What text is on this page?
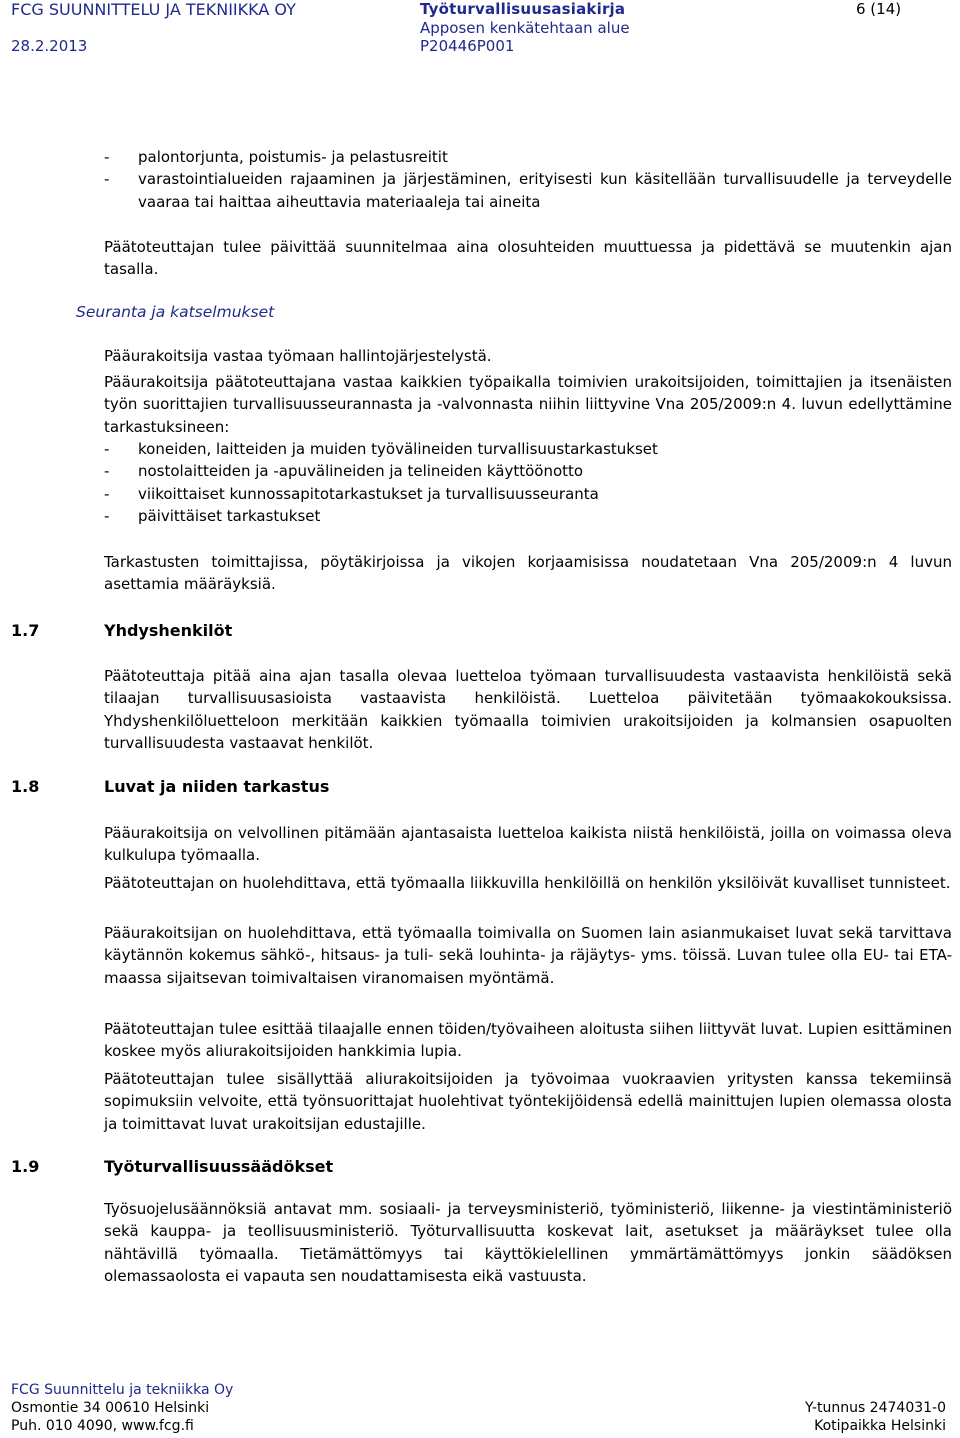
FCG SUUNNITTELU JA TEKNIIKKA OY
28.2.2013
Työturvallisuusasiakirja
Apposen kenkätehtaan alue
P20446P001
6 (14)
- palontorjunta, poistumis- ja pelastusreitit
- varastointialueiden rajaaminen ja järjestäminen, erityisesti kun käsitellään turvallisuudelle ja terveydelle vaaraa tai haittaa aiheuttavia materiaaleja tai aineita

Päätoteuttajan tulee päivittää suunnitelmaa aina olosuhteiden muuttuessa ja pidettävä se muutenkin ajan tasalla.

Seuranta ja katselmukset

Pääurakoitsija vastaa työmaan hallintojärjestelystä.

Pääurakoitsija päätoteuttajana vastaa kaikkien työpaikalla toimivien urakoitsijoiden, toimittajien ja itsenäisten työn suorittajien turvallisuusseurannasta ja -valvonnasta niihin liittyvine Vna 205/2009:n 4. luvun edellyttämine tarkastuksineen:

- koneiden, laitteiden ja muiden työvälineiden turvallisuustarkastukset
- nostolaitteiden ja -apuvälineiden ja telineiden käyttöönotto
- viikoittaiset kunnossapitotarkastukset ja turvallisuusseuranta
- päivittäiset tarkastukset

Tarkastusten toimittajissa, pöytäkirjoissa ja vikojen korjaamisissa noudatetaan Vna 205/2009:n 4 luvun asettamia määräyksiä.

1.7	Yhdyshenkilöt

Päätoteuttaja pitää aina ajan tasalla olevaa luetteloa työmaan turvallisuudesta vastaavista henkilöistä sekä tilaajan turvallisuusasioista vastaavista henkilöistä. Luetteloa päivitetään työmaakokouksissa. Yhdyshenkilöluetteloon merkitään kaikkien työmaalla toimivien urakoitsijoiden ja kolmansien osapuolten turvallisuudesta vastaavat henkilöt.

1.8	Luvat ja niiden tarkastus

Pääurakoitsija on velvollinen pitämään ajantasaista luetteloa kaikista niistä henkilöistä, joilla on voimassa oleva kulkulupa työmaalla.

Päätoteuttajan on huolehdittava, että työmaalla liikkuvilla henkilöillä on henkilön yksilöivät kuvalliset tunnisteet.

Pääurakoitsijan on huolehdittava, että työmaalla toimivalla on Suomen lain asianmukaiset luvat sekä tarvittava käytännön kokemus sähkö-, hitsaus- ja tuli- sekä louhinta- ja räjäytys- yms. töissä. Luvan tulee olla EU- tai ETA-maassa sijaitsevan toimivaltaisen viranomaisen myöntämä.

Päätoteuttajan tulee esittää tilaajalle ennen töiden/työvaiheen aloitusta siihen liittyvät luvat. Lupien esittäminen koskee myös aliurakoitsijoiden hankkimia lupia.

Päätoteuttajan tulee sisällyttää aliurakoitsijoiden ja työvoimaa vuokraavien yritysten kanssa tekemiinsä sopimuksiin velvoite, että työnsuorittajat huolehtivat työntekijöidensä edellä mainittujen lupien olemassa olosta ja toimittavat luvat urakoitsijan edustajille.

1.9	Työturvallisuussäädökset

Työsuojelusäännöksiä antavat mm. sosiaali- ja terveysministeriö, työministeriö, liikenne- ja viestintäministeriö sekä kauppa- ja teollisuusministeriö. Työturvallisuutta koskevat lait, asetukset ja määräykset tulee olla nähtävillä työmaalla. Tietämättömyys tai käyttökielellinen ymmärtämättömyys jonkin säädöksen olemassaolosta ei vapauta sen noudattamisesta eikä vastuusta.

FCG Suunnittelu ja tekniikka Oy
Osmontie 34 00610 Helsinki
Puh. 010 4090, www.fcg.fi
Y-tunnus 2474031-0
Kotipaikka Helsinki
